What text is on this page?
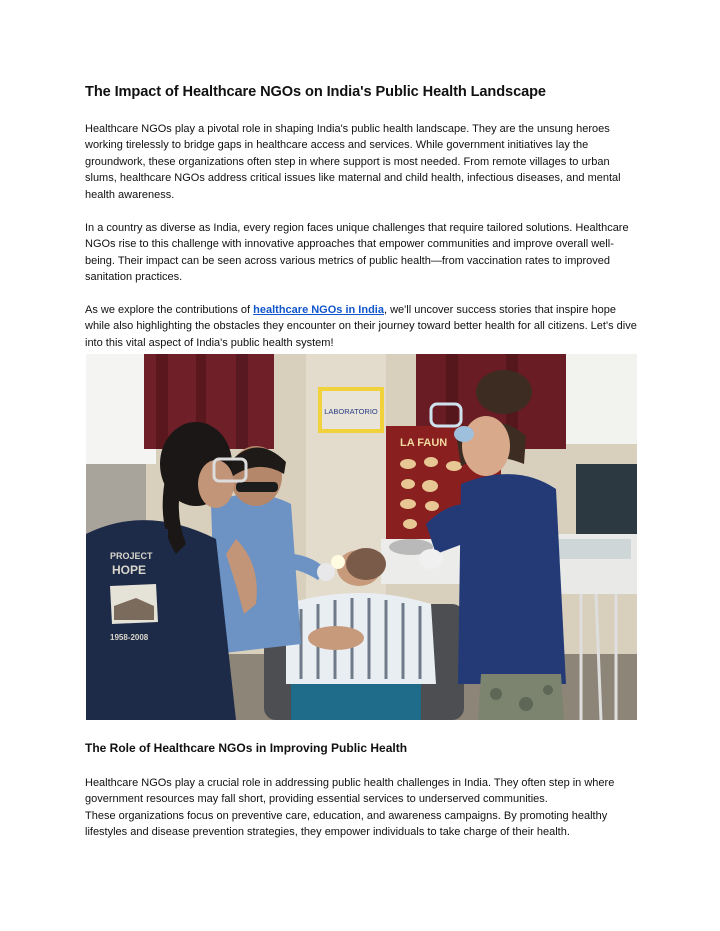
The Impact of Healthcare NGOs on India's Public Health Landscape

Healthcare NGOs play a pivotal role in shaping India's public health landscape. They are the unsung heroes working tirelessly to bridge gaps in healthcare access and services. While government initiatives lay the groundwork, these organizations often step in where support is most needed. From remote villages to urban slums, healthcare NGOs address critical issues like maternal and child health, infectious diseases, and mental health awareness.

In a country as diverse as India, every region faces unique challenges that require tailored solutions. Healthcare NGOs rise to this challenge with innovative approaches that empower communities and improve overall well-being. Their impact can be seen across various metrics of public health—from vaccination rates to improved sanitation practices.

As we explore the contributions of healthcare NGOs in India, we'll uncover success stories that inspire hope while also highlighting the obstacles they encounter on their journey toward better health for all citizens. Let's dive into this vital aspect of India's public health system!

LABORATORIO
LA FAUN
PROJECT
HOPE
1958-2008
The Role of Healthcare NGOs in Improving Public Health

Healthcare NGOs play a crucial role in addressing public health challenges in India. They often step in where government resources may fall short, providing essential services to underserved communities.
These organizations focus on preventive care, education, and awareness campaigns. By promoting healthy lifestyles and disease prevention strategies, they empower individuals to take charge of their health.
